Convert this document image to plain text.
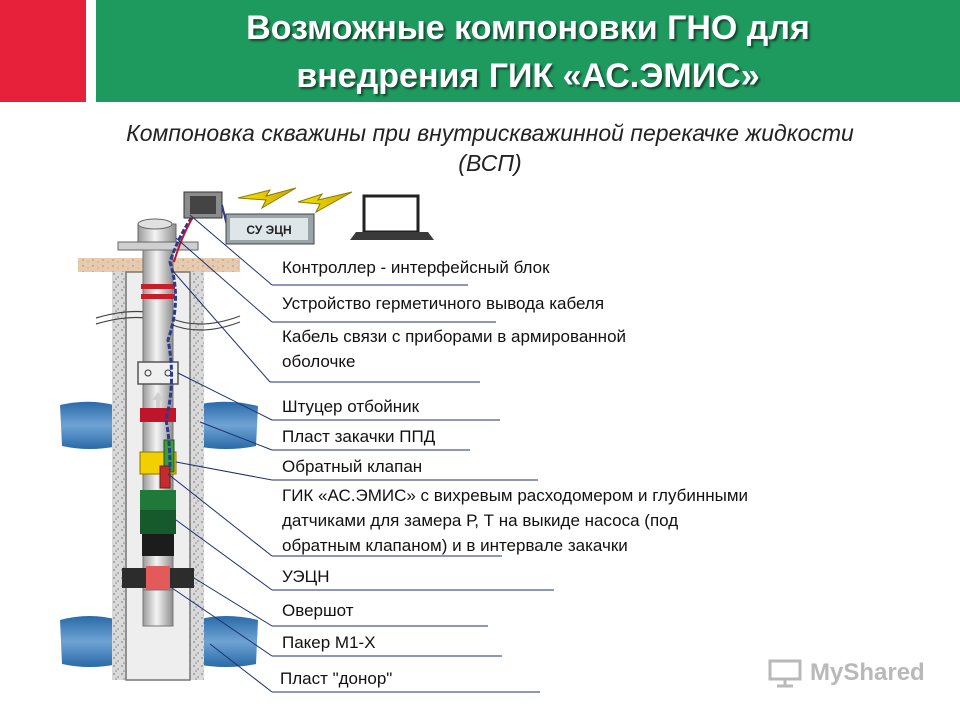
Возможные компоновки ГНО для
внедрения ГИК «АС.ЭМИС»
Компоновка скважины при внутрискважинной перекачке жидкости
(ВСП)
СУ ЭЦН
Контроллер - интерфейсный блок
Устройство герметичного вывода кабеля
Кабель связи с приборами в армированной
оболочке
Штуцер отбойник
Пласт закачки ППД
Обратный клапан
ГИК «АС.ЭМИС» с вихревым расходомером и глубинными
датчиками для замера Р, Т на выкиде насоса (под
обратным клапаном) и в интервале закачки
УЭЦН
Овершот
Пакер М1-Х
Пласт "донор"	MyShared
